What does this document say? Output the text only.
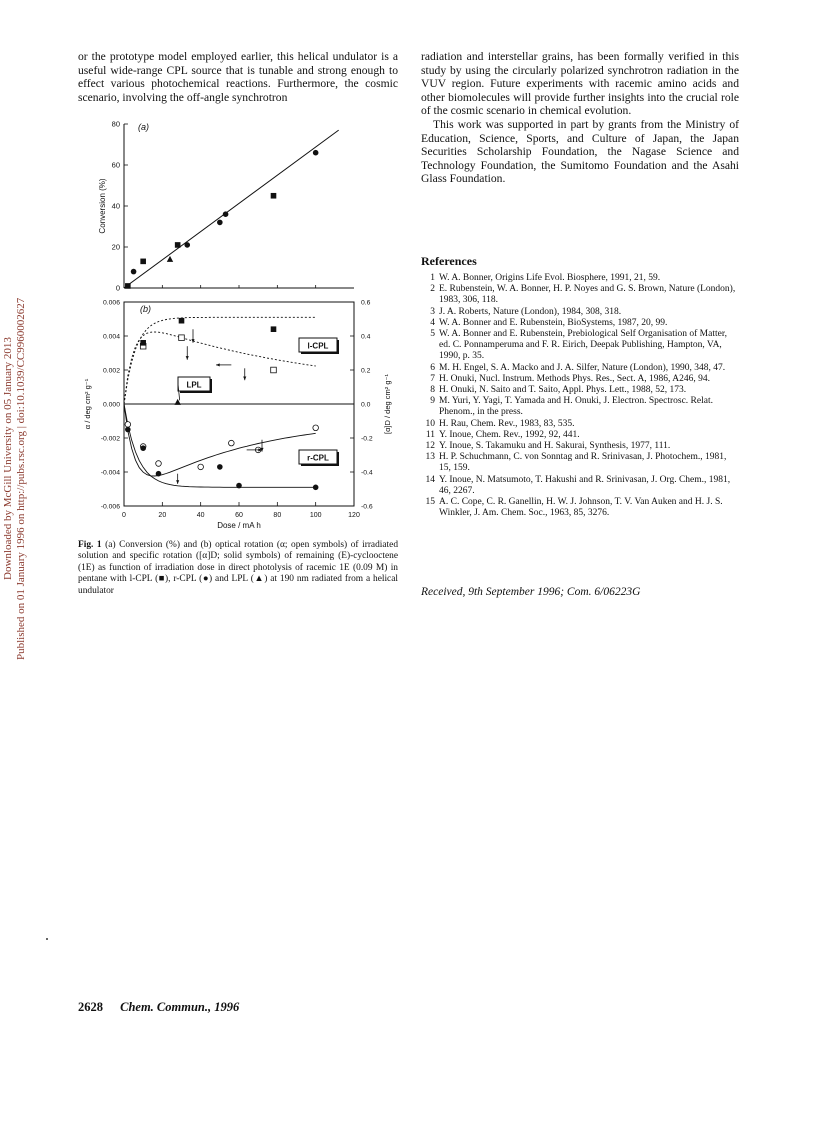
Downloaded by McGill University on 05 January 2013 Published on 01 January 1996 on http://pubs.rsc.org | doi:10.1039/CC9960002627

or the prototype model employed earlier, this helical undulator is a useful wide-range CPL source that is tunable and strong enough to effect various photochemical reactions. Furthermore, the cosmic scenario, involving the off-angle synchrotron

radiation and interstellar grains, has been formally verified in this study by using the circularly polarized synchrotron radiation in the VUV region. Future experiments with racemic amino acids and other biomolecules will provide further insights into the crucial role of the cosmic scenario in chemical evolution.

This work was supported in part by grants from the Ministry of Education, Science, Sports, and Culture of Japan, the Japan Securities Scholarship Foundation, the Nagase Science and Technology Foundation, the Sumitomo Foundation and the Asahi Glass Foundation.

0
20
40
60
80 (a)
Conversion (%)
0.006	0.6
0.004	0.4
0.002	0.2
0.000	0.0
-0.002	-0.2
-0.004	-0.4
-0.006	-0.6
0	20	40	60	80	100	120
Dose / mA h
(b)
α / deg cm² g⁻¹	[α]D / deg cm² g⁻¹
l-CPL
r-CPL
LPL
Fig. 1 (a) Conversion (%) and (b) optical rotation (α; open symbols) of irradiated solution and specific rotation ([α]D; solid symbols) of remaining (E)-cyclooctene (1E) as function of irradiation dose in direct photolysis of racemic 1E (0.09 M) in pentane with l-CPL (■), r-CPL (●) and LPL (▲) at 190 nm radiated from a helical undulator
References
1 W. A. Bonner, Origins Life Evol. Biosphere, 1991, 21, 59.
2 E. Rubenstein, W. A. Bonner, H. P. Noyes and G. S. Brown, Nature (London), 1983, 306, 118.
3 J. A. Roberts, Nature (London), 1984, 308, 318.
4 W. A. Bonner and E. Rubenstein, BioSystems, 1987, 20, 99.
5 W. A. Bonner and E. Rubenstein, Prebiological Self Organisation of Matter, ed. C. Ponnamperuma and F. R. Eirich, Deepak Publishing, Hampton, VA, 1990, p. 35.
6 M. H. Engel, S. A. Macko and J. A. Silfer, Nature (London), 1990, 348, 47.
7 H. Onuki, Nucl. Instrum. Methods Phys. Res., Sect. A, 1986, A246, 94.
8 H. Onuki, N. Saito and T. Saito, Appl. Phys. Lett., 1988, 52, 173.
9 M. Yuri, Y. Yagi, T. Yamada and H. Onuki, J. Electron. Spectrosc. Relat. Phenom., in the press.
10 H. Rau, Chem. Rev., 1983, 83, 535.
11 Y. Inoue, Chem. Rev., 1992, 92, 441.
12 Y. Inoue, S. Takamuku and H. Sakurai, Synthesis, 1977, 111.
13 H. P. Schuchmann, C. von Sonntag and R. Srinivasan, J. Photochem., 1981, 15, 159.
14 Y. Inoue, N. Matsumoto, T. Hakushi and R. Srinivasan, J. Org. Chem., 1981, 46, 2267.
15 A. C. Cope, C. R. Ganellin, H. W. J. Johnson, T. V. Van Auken and H. J. S. Winkler, J. Am. Chem. Soc., 1963, 85, 3276.
Received, 9th September 1996; Com. 6/06223G
2628 Chem. Commun., 1996
